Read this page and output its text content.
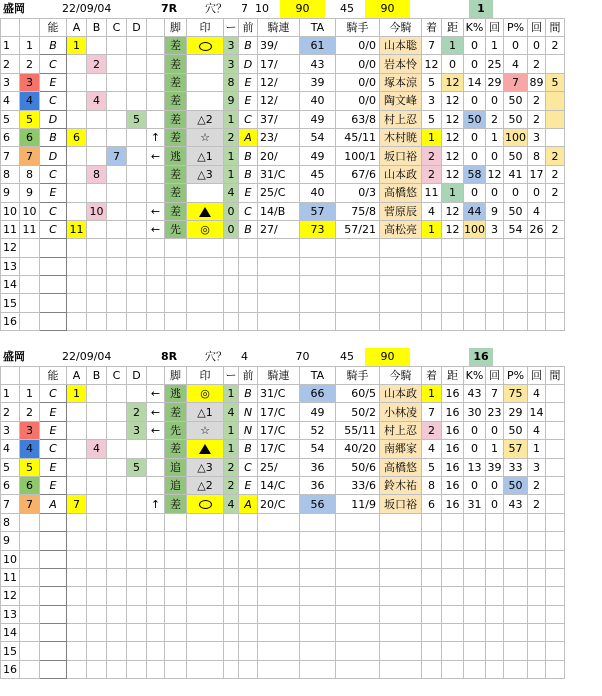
盛岡	22/09/04	7R	穴？ 7 10	90	45	90	1
		能	A	B	C	D		脚	印	ー	前	騎連	TA	騎手	今騎	着	距	K%	回	P%	回	間
1	1	B	1					差		3	B	39/	61	0/0	山本聡	7	1	0	1	0	0	2
2	2	C		2				差		3	D	17/	43	0/0	岩本怜	12	0	0	25	4	2	
3	3	E						差		8	E	12/	39	0/0	塚本涼	5	12	14	29	7	89	5
4	4	C		4				差		9	E	12/	40	0/0	陶文峰	3	12	0	0	50	2	
5	5	D				5		差	△2	1	C	37/	49	63/8	村上忍	5	12	50	2	50	2	
6	6	B	6				↑	差	☆	2	A	23/	54	45/11	木村暁	1	12	0	1	100	3	
7	7	D			7		←	逃	△1	1	B	20/	49	100/1	坂口裕	2	12	0	0	50	8	2
8	8	C		8				差	△3	1	B	31/C	45	67/6	山本政	2	12	58	12	41	17	2
9	9	E						差		4	E	25/C	40	0/3	高橋悠	11	1	0	0	0	0	2
10	10	C		10			←	差		0	C	14/B	57	75/8	菅原辰	4	12	44	9	50	4	
11	11	C	11				←	先	◎	0	B	27/	73	57/21	高松亮	1	12	100	3	54	26	2
12																						
13																						
14																						
15																						
16																						
盛岡	22/09/04	8R	穴？ 4	70	45	90	16
		能	A	B	C	D		脚	印	ー	前	騎連	TA	騎手	今騎	着	距	K%	回	P%	回	間
1	1	C	1				←	逃	◎	1	B	31/C	66	60/5	山本政	1	16	43	7	75	4	
2	2	E				2	←	差	△1	4	N	17/C	49	50/2	小林凌	7	16	30	23	29	14	
3	3	E				3	←	先	☆	1	N	17/C	52	55/11	村上忍	2	16	0	0	50	4	
4	4	C		4				差		1	B	17/C	54	40/20	南郷家	4	16	0	1	57	1	
5	5	E				5		追	△3	2	C	25/	36	50/6	高橋悠	5	16	13	39	33	3	
6	6	E						追	△2	2	E	14/C	36	33/6	鈴木祐	8	16	0	0	50	2	
7	7	A	7				↑	差		4	A	20/C	56	11/9	坂口裕	6	16	31	0	43	2	
8																						
9																						
10																						
11																						
12																						
13																						
14																						
15																						
16																						
